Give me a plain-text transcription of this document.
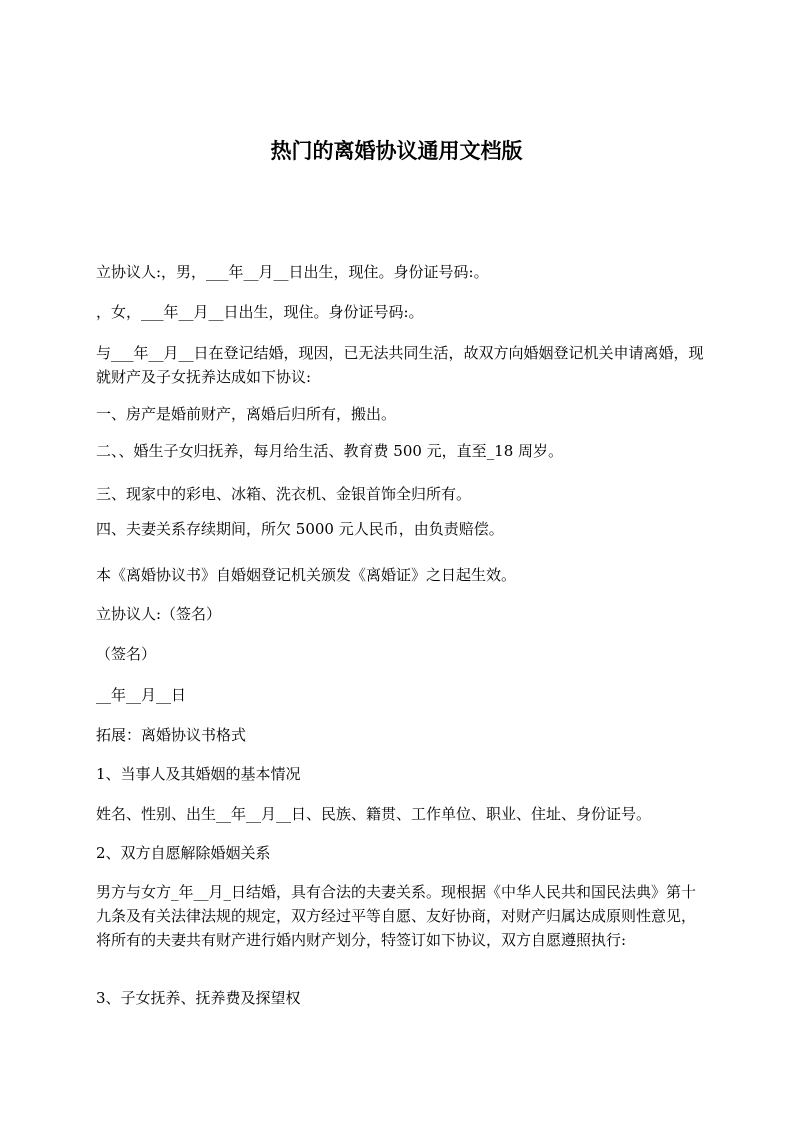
热门的离婚协议通用文档版

立协议人:，男，___年__月__日出生，现住。身份证号码:。

，女，___年__月__日出生，现住。身份证号码:。

与___年__月__日在登记结婚，现因，已无法共同生活，故双方向婚姻登记机关申请离婚，现就财产及子女抚养达成如下协议:

一、房产是婚前财产，离婚后归所有，搬出。

二、、婚生子女归抚养，每月给生活、教育费 500 元，直至_18 周岁。

三、现家中的彩电、冰箱、洗衣机、金银首饰全归所有。

四、夫妻关系存续期间，所欠 5000 元人民币，由负责赔偿。

本《离婚协议书》自婚姻登记机关颁发《离婚证》之日起生效。

立协议人:（签名）

（签名）

__年__月__日

拓展：离婚协议书格式

1、当事人及其婚姻的基本情况

姓名、性别、出生__年__月__日、民族、籍贯、工作单位、职业、住址、身份证号。

2、双方自愿解除婚姻关系

男方与女方_年__月_日结婚，具有合法的夫妻关系。现根据《中华人民共和国民法典》第十九条及有关法律法规的规定，双方经过平等自愿、友好协商，对财产归属达成原则性意见，将所有的夫妻共有财产进行婚内财产划分，特签订如下协议，双方自愿遵照执行:

3、子女抚养、抚养费及探望权
